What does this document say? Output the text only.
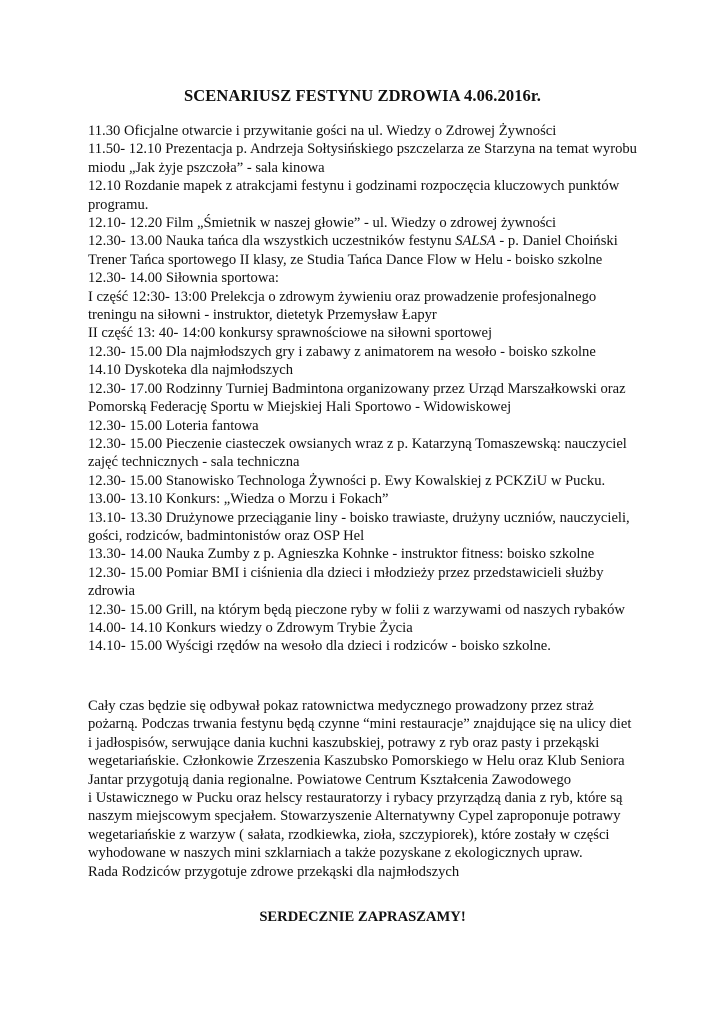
SCENARIUSZ FESTYNU ZDROWIA 4.06.2016r.
11.30 Oficjalne otwarcie i przywitanie gości na ul. Wiedzy o Zdrowej Żywności
11.50- 12.10 Prezentacja p. Andrzeja Sołtysińskiego pszczelarza ze Starzyna na temat wyrobu
miodu „Jak żyje pszczoła” - sala kinowa
12.10 Rozdanie mapek z atrakcjami festynu i godzinami rozpoczęcia kluczowych punktów
programu.
12.10- 12.20 Film „Śmietnik w naszej głowie” - ul. Wiedzy o zdrowej żywności
12.30- 13.00 Nauka tańca dla wszystkich uczestników festynu SALSA - p. Daniel Choiński
Trener Tańca sportowego II klasy, ze Studia Tańca Dance Flow w Helu - boisko szkolne
12.30- 14.00 Siłownia sportowa:
I część 12:30- 13:00 Prelekcja o zdrowym żywieniu oraz prowadzenie profesjonalnego
treningu na siłowni - instruktor, dietetyk Przemysław Łapyr
II część 13: 40- 14:00 konkursy sprawnościowe na siłowni sportowej
12.30- 15.00 Dla najmłodszych gry i zabawy z animatorem na wesoło - boisko szkolne
14.10 Dyskoteka dla najmłodszych
12.30- 17.00 Rodzinny Turniej Badmintona organizowany przez Urząd Marszałkowski oraz
Pomorską Federację Sportu w Miejskiej Hali Sportowo - Widowiskowej
12.30- 15.00 Loteria fantowa
12.30- 15.00 Pieczenie ciasteczek owsianych wraz z p. Katarzyną Tomaszewską: nauczyciel
zajęć technicznych - sala techniczna
12.30- 15.00 Stanowisko Technologa Żywności p. Ewy Kowalskiej z PCKZiU w Pucku.
13.00- 13.10 Konkurs: „Wiedza o Morzu i Fokach”
13.10- 13.30 Drużynowe przeciąganie liny - boisko trawiaste, drużyny uczniów, nauczycieli,
gości, rodziców, badmintonistów oraz OSP Hel
13.30- 14.00 Nauka Zumby z p. Agnieszka Kohnke - instruktor fitness: boisko szkolne
12.30- 15.00 Pomiar BMI i ciśnienia dla dzieci i młodzieży przez przedstawicieli służby
zdrowia
12.30- 15.00 Grill, na którym będą pieczone ryby w folii z warzywami od naszych rybaków
14.00- 14.10 Konkurs wiedzy o Zdrowym Trybie Życia
14.10- 15.00 Wyścigi rzędów na wesoło dla dzieci i rodziców - boisko szkolne.
Cały czas będzie się odbywał pokaz ratownictwa medycznego prowadzony przez straż
pożarną. Podczas trwania festynu będą czynne “mini restauracje” znajdujące się na ulicy diet
i jadłospisów, serwujące dania kuchni kaszubskiej, potrawy z ryb oraz pasty i przekąski
wegetariańskie. Członkowie Zrzeszenia Kaszubsko Pomorskiego w Helu oraz Klub Seniora
Jantar przygotują dania regionalne. Powiatowe Centrum Kształcenia Zawodowego
i Ustawicznego w Pucku oraz helscy restauratorzy i rybacy przyrządzą dania z ryb, które są
naszym miejscowym specjałem. Stowarzyszenie Alternatywny Cypel zaproponuje potrawy
wegetariańskie z warzyw ( sałata, rzodkiewka, zioła, szczypiorek), które zostały w części
wyhodowane w naszych mini szklarniach a także pozyskane z ekologicznych upraw.
Rada Rodziców przygotuje zdrowe przekąski dla najmłodszych

SERDECZNIE ZAPRASZAMY!
